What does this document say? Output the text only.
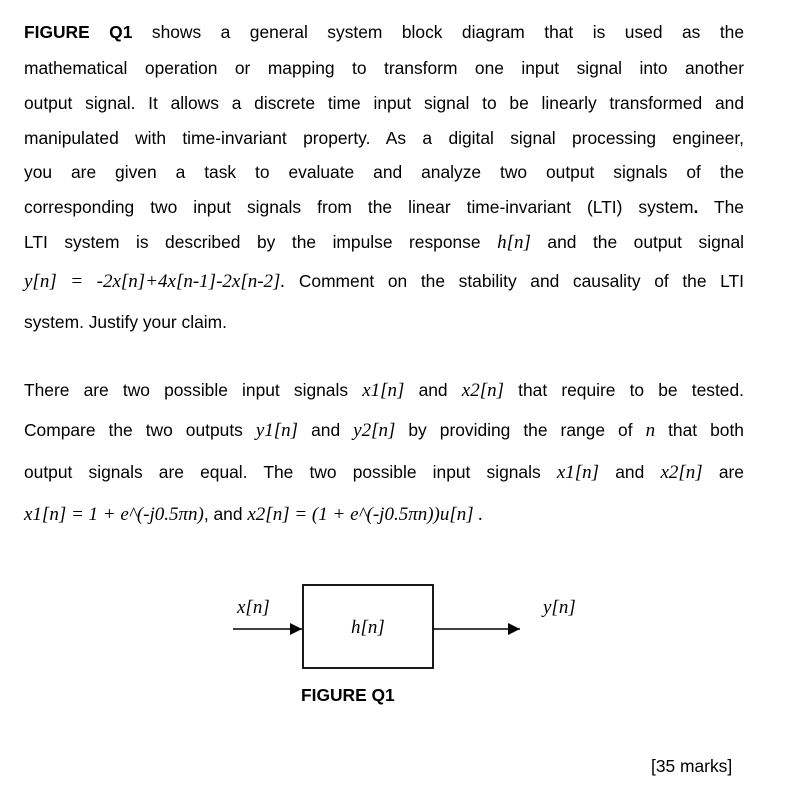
FIGURE Q1 shows a general system block diagram that is used as the
mathematical operation or mapping to transform one input signal into another
output signal. It allows a discrete time input signal to be linearly transformed and
manipulated with time-invariant property. As a digital signal processing engineer,
you are given a task to evaluate and analyze two output signals of the
corresponding two input signals from the linear time-invariant (LTI) system. The
LTI system is described by the impulse response h[n] and the output signal
y[n] = -2x[n]+4x[n-1]-2x[n-2]. Comment on the stability and causality of the LTI
system. Justify your claim.
There are two possible input signals x1[n] and x2[n] that require to be tested.
Compare the two outputs y1[n] and y2[n] by providing the range of n that both
output signals are equal. The two possible input signals x1[n] and x2[n] are
x1[n] = 1 + e^(-j0.5πn), and x2[n] = (1 + e^(-j0.5πn))u[n] .
x[n]
h[n]
y[n]
FIGURE Q1
[35 marks]
